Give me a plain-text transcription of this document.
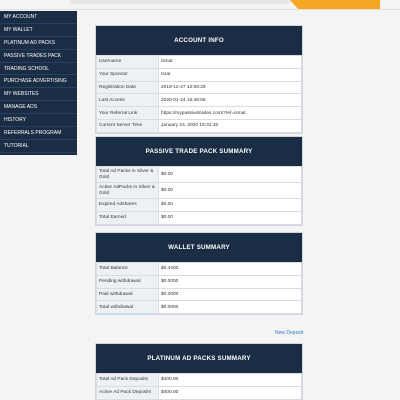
MY ACCOUNT
MY WALLET
PLATINUM AD PACKS
PASSIVE TRADES PACK
TRADING SCHOOL
PURCHASE ADVERTISING
MY WEBSITES
MANAGE ADS
HISTORY
REFERRALS PROGRAM
TUTORIAL
ACCOUNT INFO
Username	ismat
Your Sponsor	Israt
Registration Date	2019-12-27 12:59:29
Last Access	2020-01-24 15:46:55
Your Referral Link	https://mypassivetrades.com/?ref=ismat
Current Server Time	January 24, 2020 16:31:15
PASSIVE TRADE PACK SUMMARY
Total Ad Packs in Silver & Gold	$0.00
Active AdPacks in Silver & Gold	$0.00
Expired Adshares	$0.00
Total Earned	$0.00
WALLET SUMMARY
Total Balance	$0.4200
Pending withdrawal	$0.0000
Paid withdrawal	$0.0000
Total withdrawal	$0.0000
PLATINUM AD PACKS SUMMARY
Total Ad Pack Deposits	$400.00
Active Ad Pack Deposits	$400.00
New Deposit
